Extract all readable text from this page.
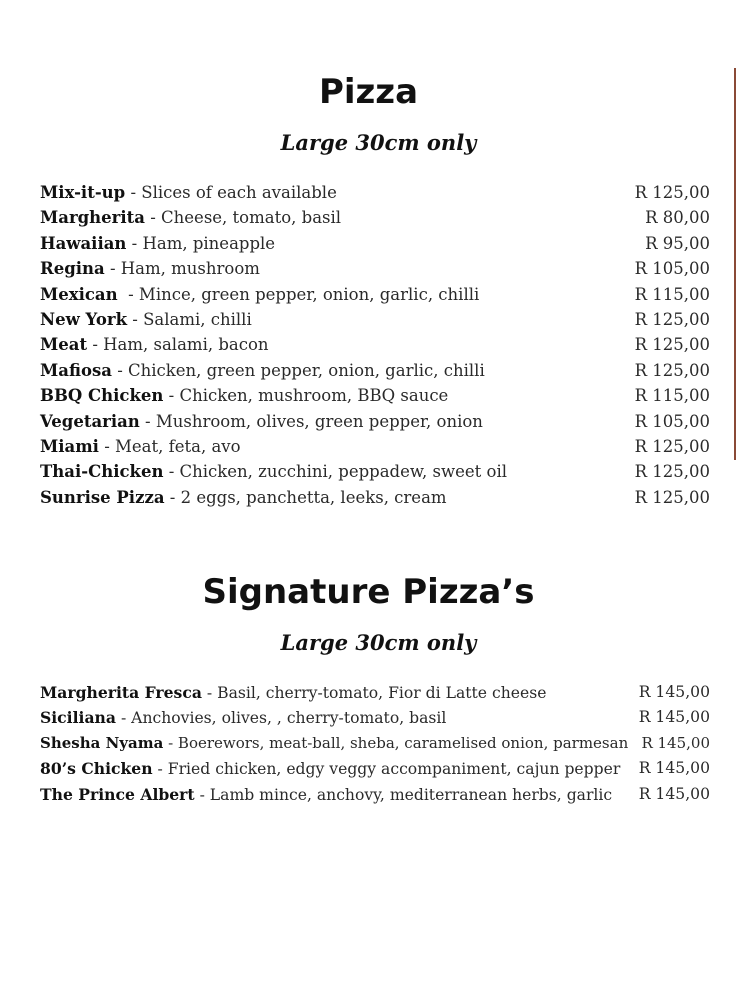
Pizza
Large 30cm only
Mix-it-up - Slices of each available	R 125,00
Margherita - Cheese, tomato, basil	R 80,00
Hawaiian - Ham, pineapple	R 95,00
Regina - Ham, mushroom	R 105,00
Mexican  - Mince, green pepper, onion, garlic, chilli	R 115,00
New York - Salami, chilli	R 125,00
Meat - Ham, salami, bacon	R 125,00
Mafiosa - Chicken, green pepper, onion, garlic, chilli	R 125,00
BBQ Chicken - Chicken, mushroom, BBQ sauce	R 115,00
Vegetarian - Mushroom, olives, green pepper, onion	R 105,00
Miami - Meat, feta, avo	R 125,00
Thai-Chicken - Chicken, zucchini, peppadew, sweet oil	R 125,00
Sunrise Pizza - 2 eggs, panchetta, leeks, cream	R 125,00
Signature Pizza’s
Large 30cm only
Margherita Fresca - Basil, cherry-tomato, Fior di Latte cheese	R 145,00
Siciliana - Anchovies, olives, , cherry-tomato, basil	R 145,00
Shesha Nyama - Boerewors, meat-ball, sheba, caramelised onion, parmesan R 145,00
80’s Chicken - Fried chicken, edgy veggy accompaniment, cajun pepper R 145,00
The Prince Albert - Lamb mince, anchovy, mediterranean herbs, garlic R 145,00
